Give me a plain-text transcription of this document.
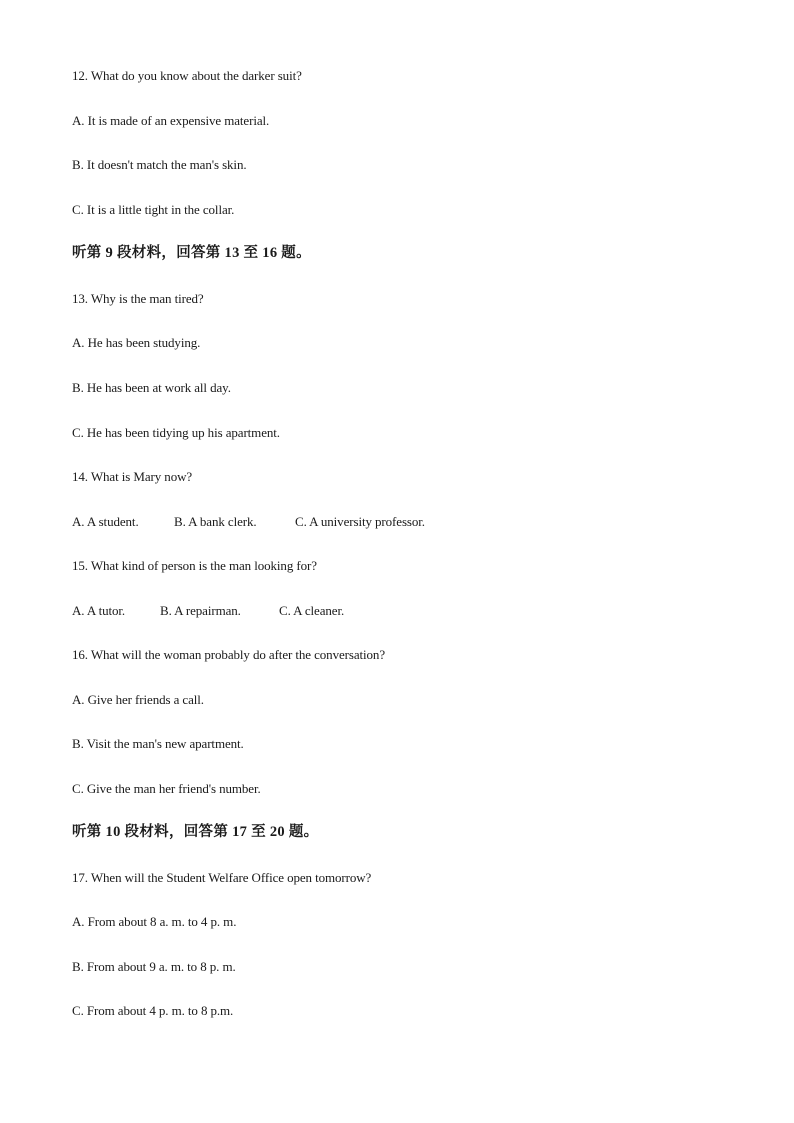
12. What do you know about the darker suit?
A. It is made of an expensive material.
B. It doesn't match the man's skin.
C. It is a little tight in the collar.
听第 9 段材料，回答第 13 至 16 题。
13. Why is the man tired?
A. He has been studying.
B. He has been at work all day.
C. He has been tidying up his apartment.
14. What is Mary now?
A. A student.	B. A bank clerk.	C. A university professor.
15. What kind of person is the man looking for?
A. A tutor.	B. A repairman.	C. A cleaner.
16. What will the woman probably do after the conversation?
A. Give her friends a call.
B. Visit the man's new apartment.
C. Give the man her friend's number.
听第 10 段材料，回答第 17 至 20 题。
17. When will the Student Welfare Office open tomorrow?
A. From about 8 a. m. to 4 p. m.
B. From about 9 a. m. to 8 p. m.
C. From about 4 p. m. to 8 p.m.
